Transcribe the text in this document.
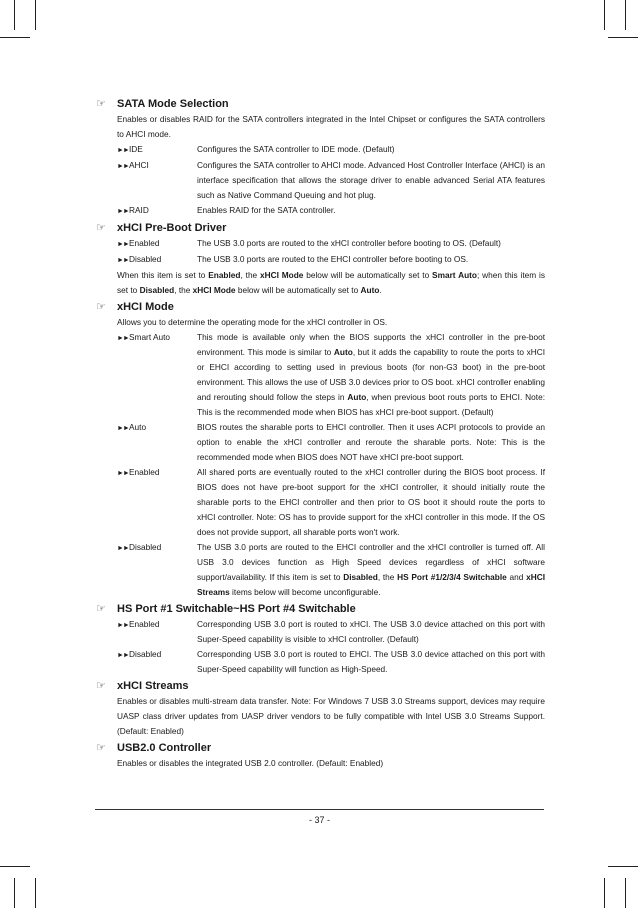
☞ SATA Mode Selection
Enables or disables RAID for the SATA controllers integrated in the Intel Chipset or configures the SATA controllers to AHCI mode.
►►IDE	Configures the SATA controller to IDE mode. (Default)
►►AHCI	Configures the SATA controller to AHCI mode. Advanced Host Controller Interface (AHCI) is an interface specification that allows the storage driver to enable advanced Serial ATA features such as Native Command Queuing and hot plug.
►►RAID	Enables RAID for the SATA controller.
☞ xHCI Pre-Boot Driver
►►Enabled	The USB 3.0 ports are routed to the xHCI controller before booting to OS. (Default)
►►Disabled	The USB 3.0 ports are routed to the EHCI controller before booting to OS.
When this item is set to Enabled, the xHCI Mode below will be automatically set to Smart Auto; when this item is set to Disabled, the xHCI Mode below will be automatically set to Auto.
☞ xHCI Mode
Allows you to determine the operating mode for the xHCI controller in OS.
►►Smart Auto	This mode is available only when the BIOS supports the xHCI controller in the pre-boot environment. This mode is similar to Auto, but it adds the capability to route the ports to xHCI or EHCI according to setting used in previous boots (for non-G3 boot) in the pre-boot environment. This allows the use of USB 3.0 devices prior to OS boot. xHCI controller enabling and rerouting should follow the steps in Auto, when previous boot routs ports to EHCI. Note: This is the recommended mode when BIOS has xHCI pre-boot support. (Default)
►►Auto	BIOS routes the sharable ports to EHCI controller. Then it uses ACPI protocols to provide an option to enable the xHCI controller and reroute the sharable ports. Note: This is the recommended mode when BIOS does NOT have xHCI pre-boot support.
►►Enabled	All shared ports are eventually routed to the xHCI controller during the BIOS boot process. If BIOS does not have pre-boot support for the xHCI controller, it should initially route the sharable ports to the EHCI controller and then prior to OS boot it should route the ports to xHCI controller. Note: OS has to provide support for the xHCI controller in this mode. If the OS does not provide support, all sharable ports won't work.
►►Disabled	The USB 3.0 ports are routed to the EHCI controller and the xHCI controller is turned off. All USB 3.0 devices function as High Speed devices regardless of xHCI software support/availability. If this item is set to Disabled, the HS Port #1/2/3/4 Switchable and xHCI Streams items below will become unconfigurable.
☞ HS Port #1 Switchable~HS Port #4 Switchable
►►Enabled	Corresponding USB 3.0 port is routed to xHCI. The USB 3.0 device attached on this port with Super-Speed capability is visible to xHCI controller. (Default)
►►Disabled	Corresponding USB 3.0 port is routed to EHCI. The USB 3.0 device attached on this port with Super-Speed capability will function as High-Speed.
☞ xHCI Streams
Enables or disables multi-stream data transfer. Note: For Windows 7 USB 3.0 Streams support, devices may require UASP class driver updates from UASP driver vendors to be fully compatible with Intel USB 3.0 Streams Support. (Default: Enabled)
☞ USB2.0 Controller
Enables or disables the integrated USB 2.0 controller. (Default: Enabled)
- 37 -
